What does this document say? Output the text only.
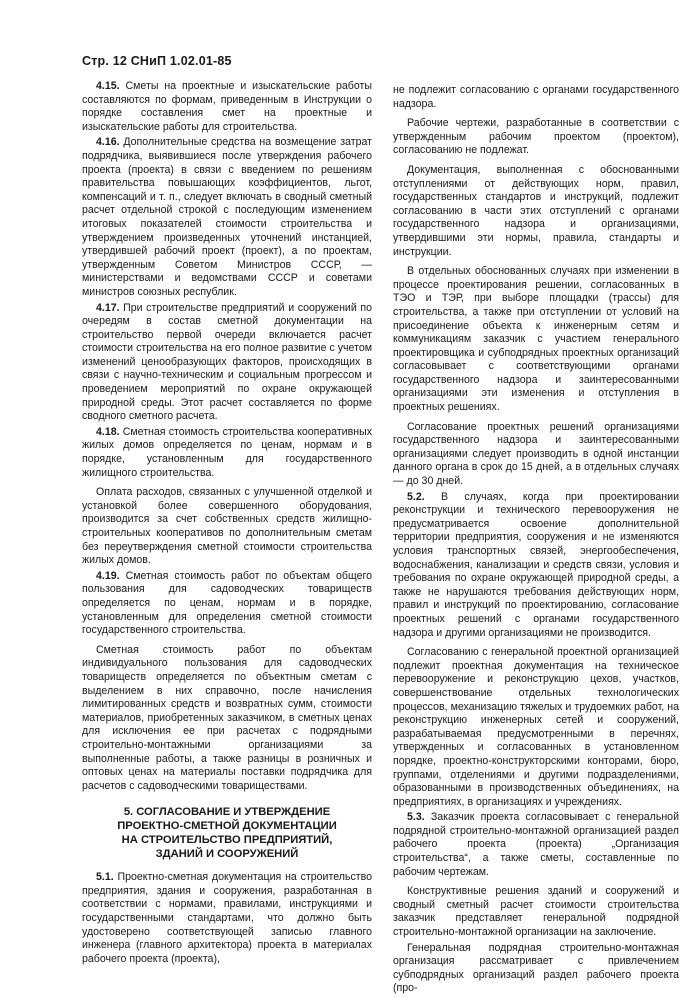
Стр. 12 СНиП 1.02.01-85

4.15. Сметы на проектные и изыскательские работы составляются по формам, приведенным в Инструкции о порядке составления смет на проектные и изыскательские работы для строительства.

4.16. Дополнительные средства на возмещение затрат подрядчика, выявившиеся после утверждения рабочего проекта (проекта) в связи с введением по решениям правительства повышающих коэффициентов, льгот, компенсаций и т. п., следует включать в сводный сметный расчет отдельной строкой с последующим изменением итоговых показателей стоимости строительства и утверждением произведенных уточнений инстанцией, утвердившей рабочий проект (проект), а по проектам, утвержденным Советом Министров СССР, — министерствами и ведомствами СССР и советами министров союзных республик.

4.17. При строительстве предприятий и сооружений по очередям в состав сметной документации на строительство первой очереди включается расчет стоимости строительства на его полное развитие с учетом изменений ценообразующих факторов, происходящих в связи с научно-техническим и социальным прогрессом и проведением мероприятий по охране окружающей природной среды. Этот расчет составляется по форме сводного сметного расчета.

4.18. Сметная стоимость строительства кооперативных жилых домов определяется по ценам, нормам и в порядке, установленным для государственного жилищного строительства.

Оплата расходов, связанных с улучшенной отделкой и установкой более совершенного оборудования, производится за счет собственных средств жилищно-строительных кооперативов по дополнительным сметам без переутверждения сметной стоимости строительства жилых домов.

4.19. Сметная стоимость работ по объектам общего пользования для садоводческих товариществ определяется по ценам, нормам и в порядке, установленным для определения сметной стоимости государственного строительства.

Сметная стоимость работ по объектам индивидуального пользования для садоводческих товариществ определяется по объектным сметам с выделением в них справочно, после начисления лимитированных средств и возвратных сумм, стоимости материалов, приобретенных заказчиком, в сметных ценах для исключения ее при расчетах с подрядными строительно-монтажными организациями за выполненные работы, а также разницы в розничных и оптовых ценах на материалы поставки подрядчика для расчетов с садоводческими товариществами.

5. СОГЛАСОВАНИЕ И УТВЕРЖДЕНИЕ
ПРОЕКТНО-СМЕТНОЙ ДОКУМЕНТАЦИИ
НА СТРОИТЕЛЬСТВО ПРЕДПРИЯТИЙ,
ЗДАНИЙ И СООРУЖЕНИЙ

5.1. Проектно-сметная документация на строительство предприятия, здания и сооружения, разработанная в соответствии с нормами, правилами, инструкциями и государственными стандартами, что должно быть удостоверено соответствующей записью главного инженера (главного архитектора) проекта в материалах рабочего проекта (проекта),

не подлежит согласованию с органами государственного надзора.

Рабочие чертежи, разработанные в соответствии с утвержденным рабочим проектом (проектом), согласованию не подлежат.

Документация, выполненная с обоснованными отступлениями от действующих норм, правил, государственных стандартов и инструкций, подлежит согласованию в части этих отступлений с органами государственного надзора и организациями, утвердившими эти нормы, правила, стандарты и инструкции.

В отдельных обоснованных случаях при изменении в процессе проектирования решении, согласованных в ТЭО и ТЭР, при выборе площадки (трассы) для строительства, а также при отступлении от условий на присоединение объекта к инженерным сетям и коммуникациям заказчик с участием генерального проектировщика и субподрядных проектных организаций согласовывает с соответствующими органами государственного надзора и заинтересованными организациями эти изменения и отступления в проектных решениях.

Согласование проектных решений организациями государственного надзора и заинтересованными организациями следует производить в одной инстанции данного органа в срок до 15 дней, а в отдельных случаях — до 30 дней.

5.2. В случаях, когда при проектировании реконструкции и технического перевооружения не предусматривается освоение дополнительной территории предприятия, сооружения и не изменяются условия транспортных связей, энергообеспечения, водоснабжения, канализации и средств связи, условия и требования по охране окружающей природной среды, а также не нарушаются требования действующих норм, правил и инструкций по проектированию, согласование проектных решений с органами государственного надзора и другими организациями не производится.

Согласованию с генеральной проектной организацией подлежит проектная документация на техническое перевооружение и реконструкцию цехов, участков, совершенствование отдельных технологических процессов, механизацию тяжелых и трудоемких работ, на реконструкцию инженерных сетей и сооружений, разрабатываемая предусмотренными в перечнях, утвержденных и согласованных в установленном порядке, проектно-конструкторскими конторами, бюро, группами, отделениями и другими подразделениями, образованными в производственных объединениях, на предприятиях, в организациях и учреждениях.

5.3. Заказчик проекта согласовывает с генеральной подрядной строительно-монтажной организацией раздел рабочего проекта (проекта) „Организация строительства“, а также сметы, составленные по рабочим чертежам.

Конструктивные решения зданий и сооружений и сводный сметный расчет стоимости строительства заказчик представляет генеральной подрядной строительно-монтажной организации на заключение.

Генеральная подрядная строительно-монтажная организация рассматривает с привлечением субподрядных организаций раздел рабочего проекта (про-
